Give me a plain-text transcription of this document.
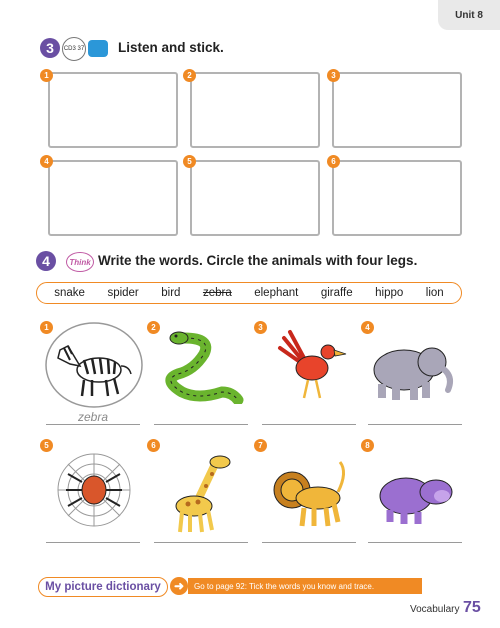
Unit 8
3	CD3 37	Listen and stick.
1	2	3
4	5	6
4	Think Write the words. Circle the animals with four legs.
snake spider bird zebra elephant giraffe hippo lion
1	2	3	4
5	6	7	8
zebra
My picture dictionary	➜	Go to page 92: Tick the words you know and trace.
Vocabulary 75
